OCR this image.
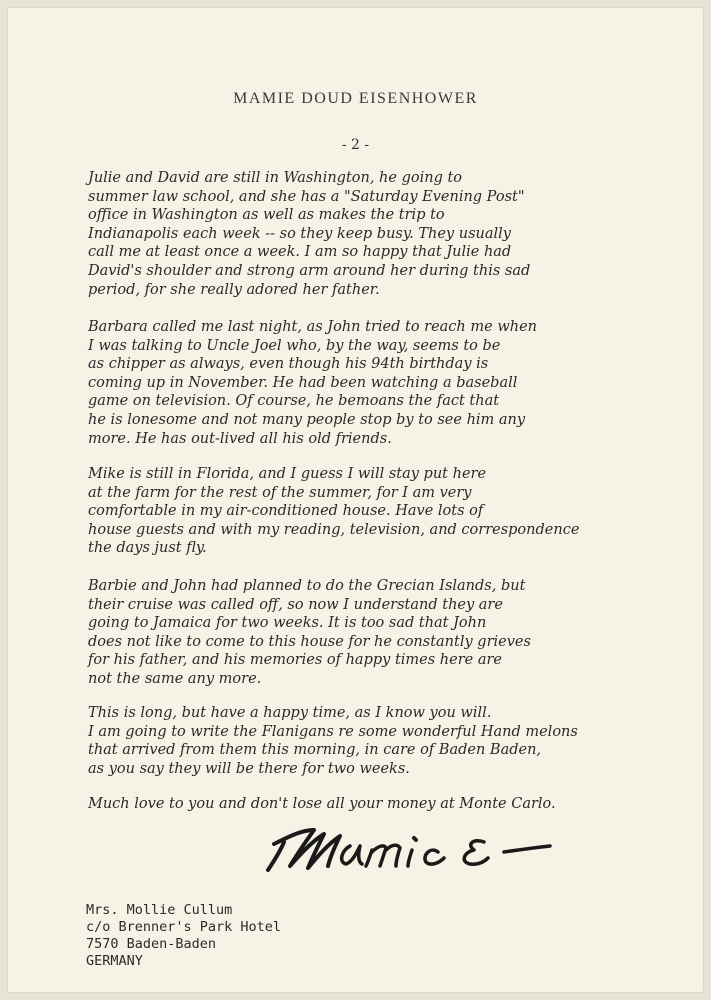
MAMIE DOUD EISENHOWER
- 2 -
Julie and David are still in Washington, he going to
summer law school, and she has a "Saturday Evening Post"
office in Washington as well as makes the trip to
Indianapolis each week -- so they keep busy. They usually
call me at least once a week. I am so happy that Julie had
David's shoulder and strong arm around her during this sad
period, for she really adored her father.
Barbara called me last night, as John tried to reach me when
I was talking to Uncle Joel who, by the way, seems to be
as chipper as always, even though his 94th birthday is
coming up in November. He had been watching a baseball
game on television. Of course, he bemoans the fact that
he is lonesome and not many people stop by to see him any
more. He has out-lived all his old friends.
Mike is still in Florida, and I guess I will stay put here
at the farm for the rest of the summer, for I am very
comfortable in my air-conditioned house. Have lots of
house guests and with my reading, television, and correspondence
the days just fly.
Barbie and John had planned to do the Grecian Islands, but
their cruise was called off, so now I understand they are
going to Jamaica for two weeks. It is too sad that John
does not like to come to this house for he constantly grieves
for his father, and his memories of happy times here are
not the same any more.
This is long, but have a happy time, as I know you will.
I am going to write the Flanigans re some wonderful Hand melons
that arrived from them this morning, in care of Baden Baden,
as you say they will be there for two weeks.
Much love to you and don't lose all your money at Monte Carlo.
Mrs. Mollie Cullum
c/o Brenner's Park Hotel
7570 Baden-Baden
GERMANY
